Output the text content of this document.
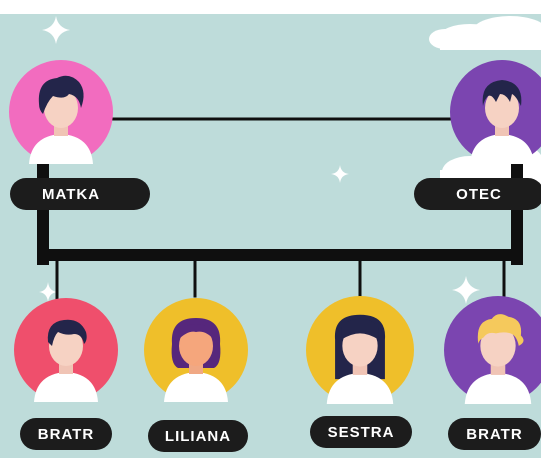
MATKA	OTEC
BRATR	LILIANA	SESTRA	BRATR
